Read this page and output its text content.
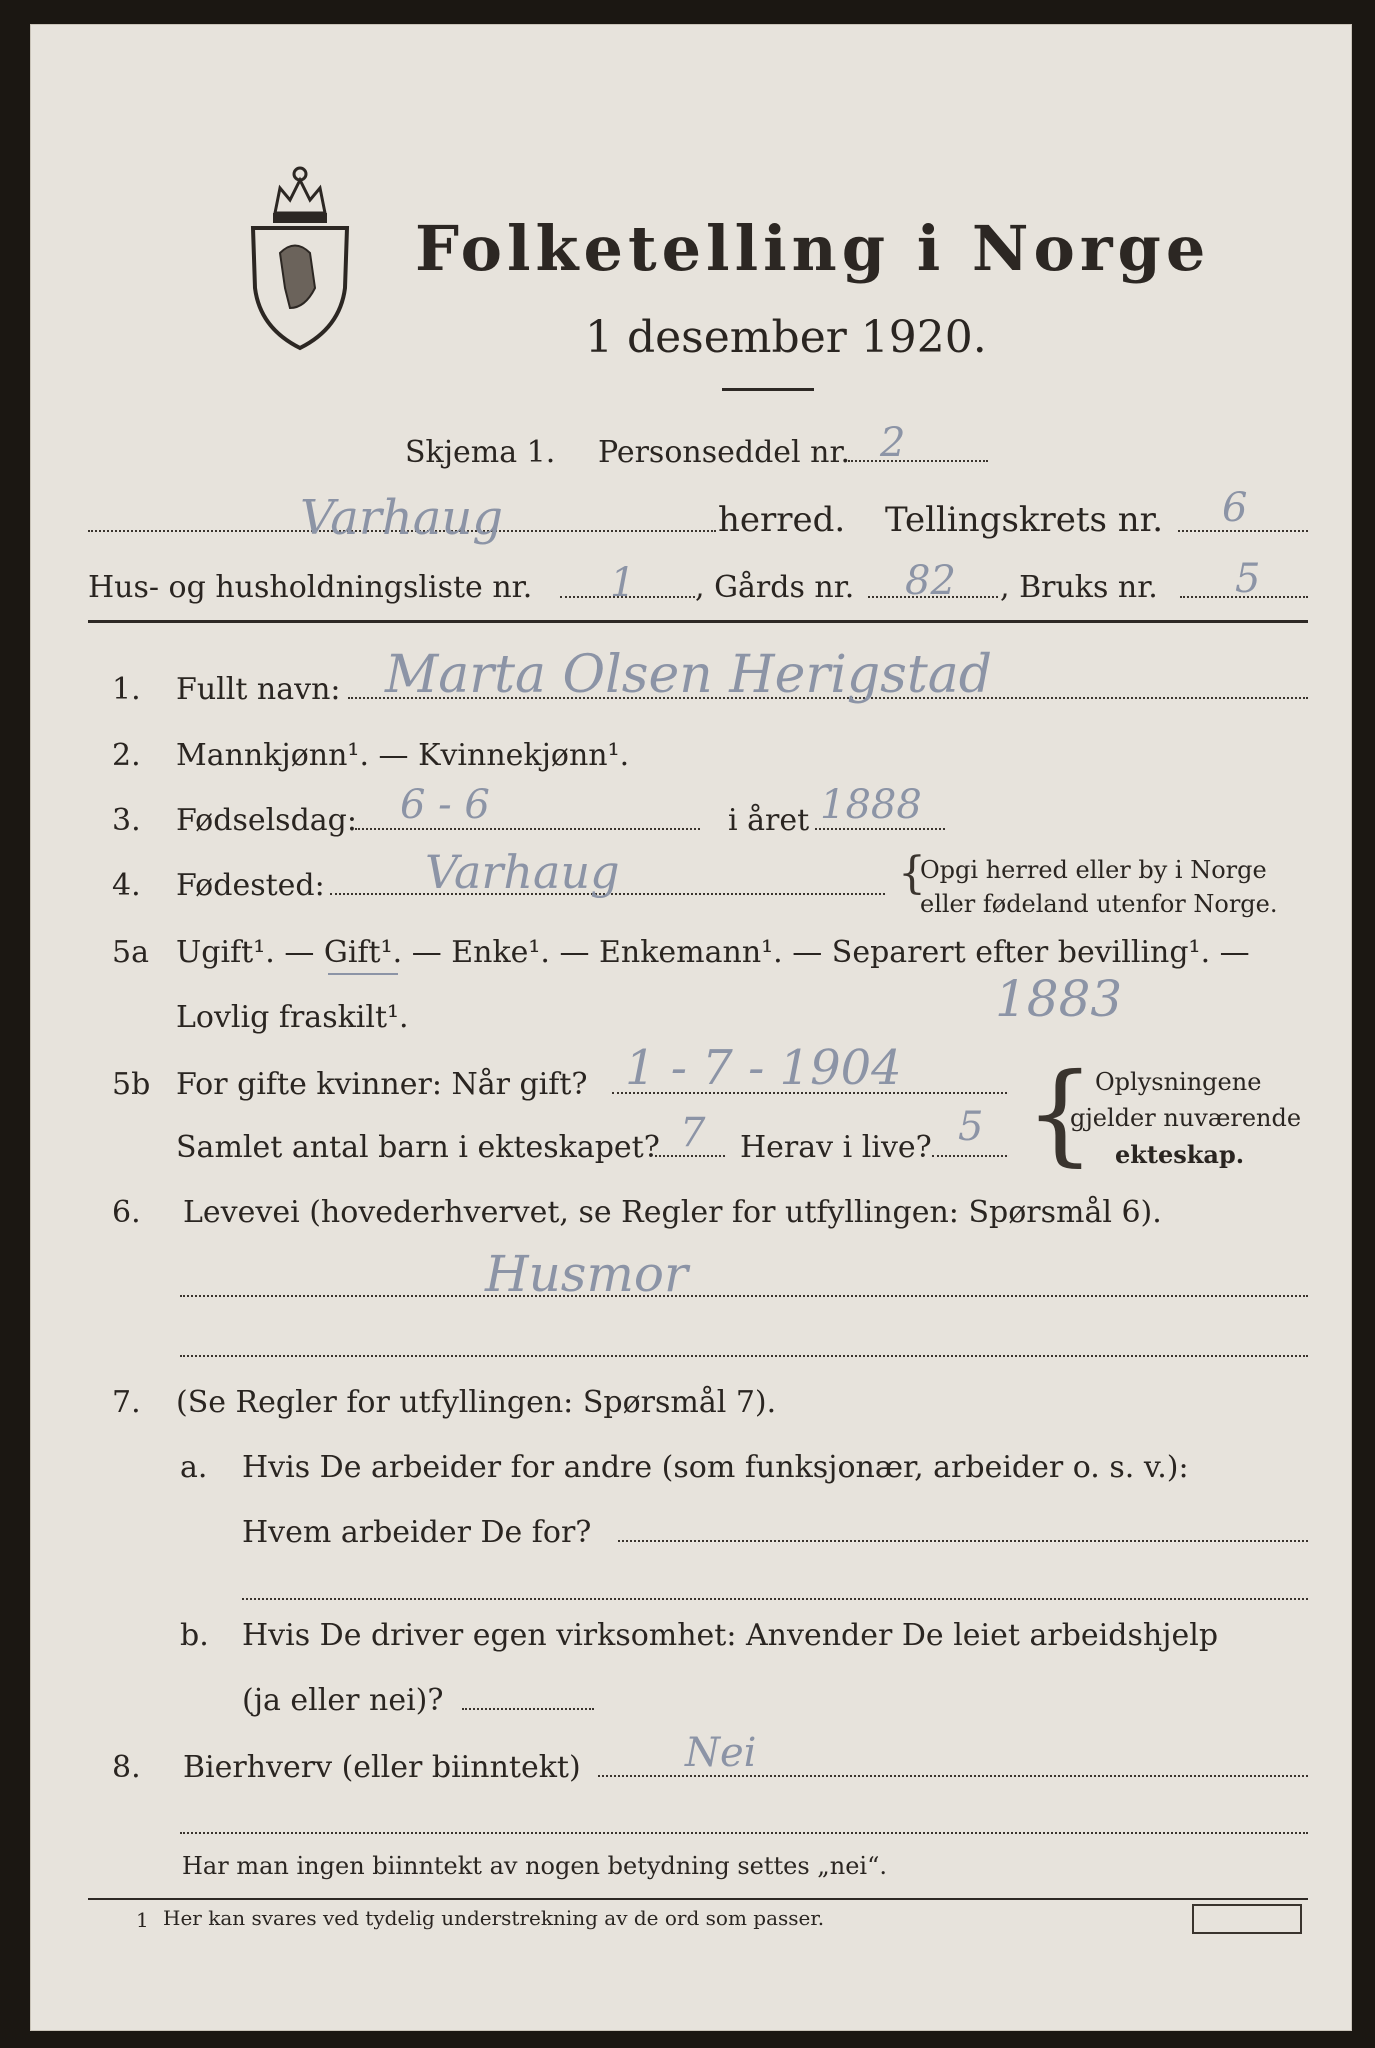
Folketelling i Norge
1 desember 1920.
Skjema 1. Personseddel nr. 2
Varhaug	herred. Tellingskrets nr. 6
Hus- og husholdningsliste nr. 1 , Gårds nr. 82 , Bruks nr. 5
1. Fullt navn: Marta Olsen Herigstad
2. Mannkjønn¹. — Kvinnekjønn¹.
3. Fødselsdag: 6 - 6	i året 1888
4. Fødested: Varhaug	{
Opgi herred eller by i Norge
eller fødeland utenfor Norge.
5a Ugift¹. — Gift¹. — Enke¹. — Enkemann¹. — Separert efter bevilling¹. —
Lovlig fraskilt¹.	1883
5b For gifte kvinner: Når gift? 1 - 7 - 1904
Samlet antal barn i ekteskapet? 7 Herav i live? 5 { Oplysningene
gjelder nuværende
ekteskap.
6. Levevei (hovederhvervet, se Regler for utfyllingen: Spørsmål 6).
Husmor
7. (Se Regler for utfyllingen: Spørsmål 7).
a. Hvis De arbeider for andre (som funksjonær, arbeider o. s. v.):
Hvem arbeider De for?
b. Hvis De driver egen virksomhet: Anvender De leiet arbeidshjelp
(ja eller nei)?
8. Bierhverv (eller biinntekt)	Nei
Har man ingen biinntekt av nogen betydning settes „nei“.
1 Her kan svares ved tydelig understrekning av de ord som passer.
